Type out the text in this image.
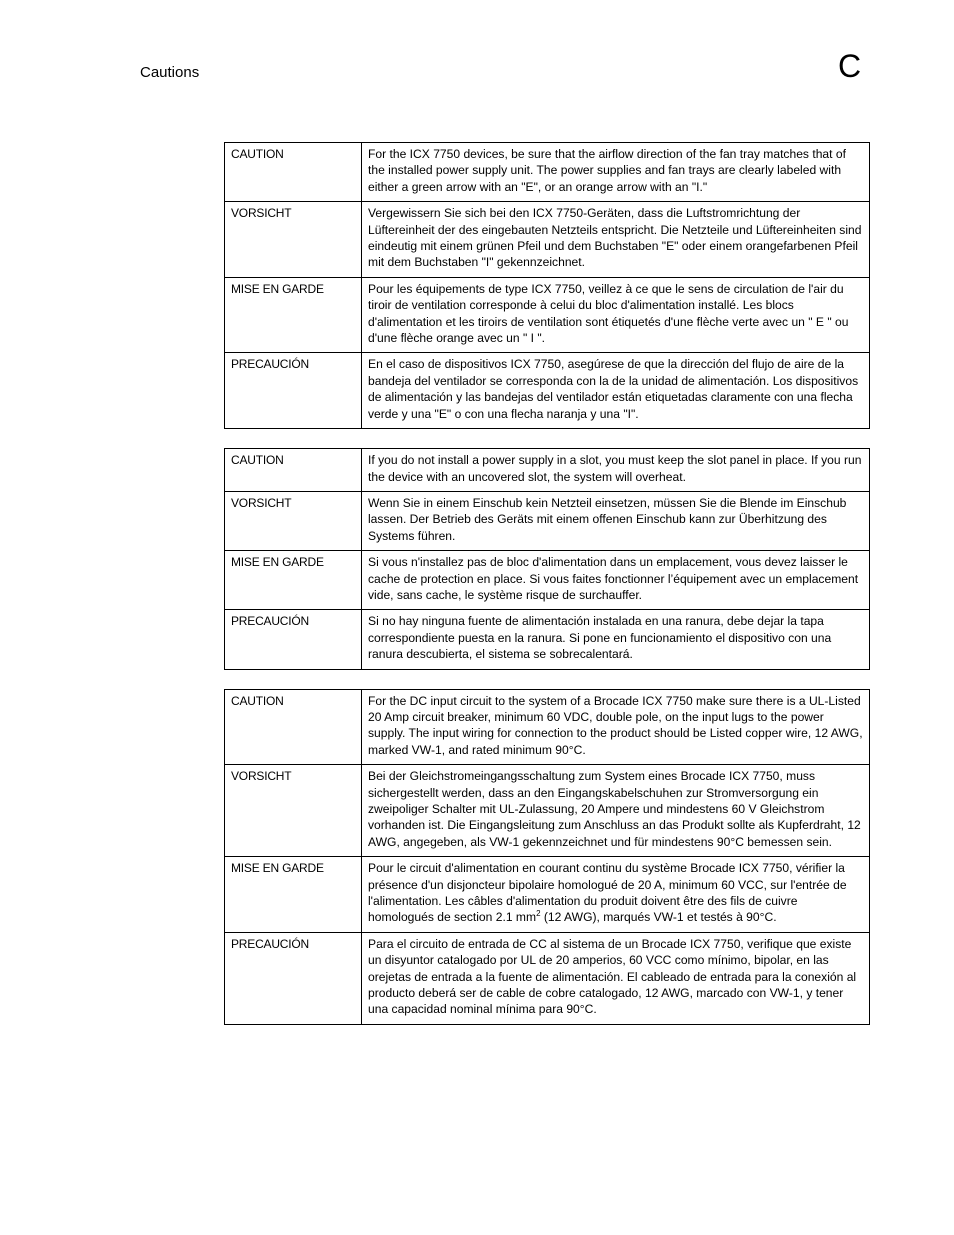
Cautions	C
CAUTION	For the ICX 7750 devices, be sure that the airflow direction of the fan tray matches that of the installed power supply unit. The power supplies and fan trays are clearly labeled with either a green arrow with an "E", or an orange arrow with an "I."
VORSICHT	Vergewissern Sie sich bei den ICX 7750-Geräten, dass die Luftstromrichtung der Lüftereinheit der des eingebauten Netzteils entspricht. Die Netzteile und Lüftereinheiten sind eindeutig mit einem grünen Pfeil und dem Buchstaben "E" oder einem orangefarbenen Pfeil mit dem Buchstaben "I" gekennzeichnet.
MISE EN GARDE	Pour les équipements de type ICX 7750, veillez à ce que le sens de circulation de l'air du tiroir de ventilation corresponde à celui du bloc d'alimentation installé. Les blocs d'alimentation et les tiroirs de ventilation sont étiquetés d'une flèche verte avec un " E " ou d'une flèche orange avec un " I ".
PRECAUCIÓN	En el caso de dispositivos ICX 7750, asegúrese de que la dirección del flujo de aire de la bandeja del ventilador se corresponda con la de la unidad de alimentación. Los dispositivos de alimentación y las bandejas del ventilador están etiquetadas claramente con una flecha verde y una "E" o con una flecha naranja y una "I".
CAUTION	If you do not install a power supply in a slot, you must keep the slot panel in place. If you run the device with an uncovered slot, the system will overheat.
VORSICHT	Wenn Sie in einem Einschub kein Netzteil einsetzen, müssen Sie die Blende im Einschub lassen. Der Betrieb des Geräts mit einem offenen Einschub kann zur Überhitzung des Systems führen.
MISE EN GARDE	Si vous n'installez pas de bloc d'alimentation dans un emplacement, vous devez laisser le cache de protection en place. Si vous faites fonctionner l’équipement avec un emplacement vide, sans cache, le système risque de surchauffer.
PRECAUCIÓN	Si no hay ninguna fuente de alimentación instalada en una ranura, debe dejar la tapa correspondiente puesta en la ranura. Si pone en funcionamiento el dispositivo con una ranura descubierta, el sistema se sobrecalentará.
CAUTION	For the DC input circuit to the system of a Brocade ICX 7750 make sure there is a UL-Listed 20 Amp circuit breaker, minimum 60 VDC, double pole, on the input lugs to the power supply. The input wiring for connection to the product should be Listed copper wire, 12 AWG, marked VW-1, and rated minimum 90°C.
VORSICHT	Bei der Gleichstromeingangsschaltung zum System eines Brocade ICX 7750, muss sichergestellt werden, dass an den Eingangskabelschuhen zur Stromversorgung ein zweipoliger Schalter mit UL-Zulassung, 20 Ampere und mindestens 60 V Gleichstrom vorhanden ist. Die Eingangsleitung zum Anschluss an das Produkt sollte als Kupferdraht, 12 AWG, angegeben, als VW-1 gekennzeichnet und für mindestens 90°C bemessen sein.
MISE EN GARDE	Pour le circuit d'alimentation en courant continu du système Brocade ICX 7750, vérifier la présence d'un disjoncteur bipolaire homologué de 20 A, minimum 60 VCC, sur l'entrée de l'alimentation. Les câbles d'alimentation du produit doivent être des fils de cuivre homologués de section 2.1 $mm^2$ (12 AWG), marqués VW-1 et testés à 90°C.
PRECAUCIÓN	Para el circuito de entrada de CC al sistema de un Brocade ICX 7750, verifique que existe un disyuntor catalogado por UL de 20 amperios, 60 VCC como mínimo, bipolar, en las orejetas de entrada a la fuente de alimentación. El cableado de entrada para la conexión al producto deberá ser de cable de cobre catalogado, 12 AWG, marcado con VW-1, y tener una capacidad nominal mínima para 90°C.
